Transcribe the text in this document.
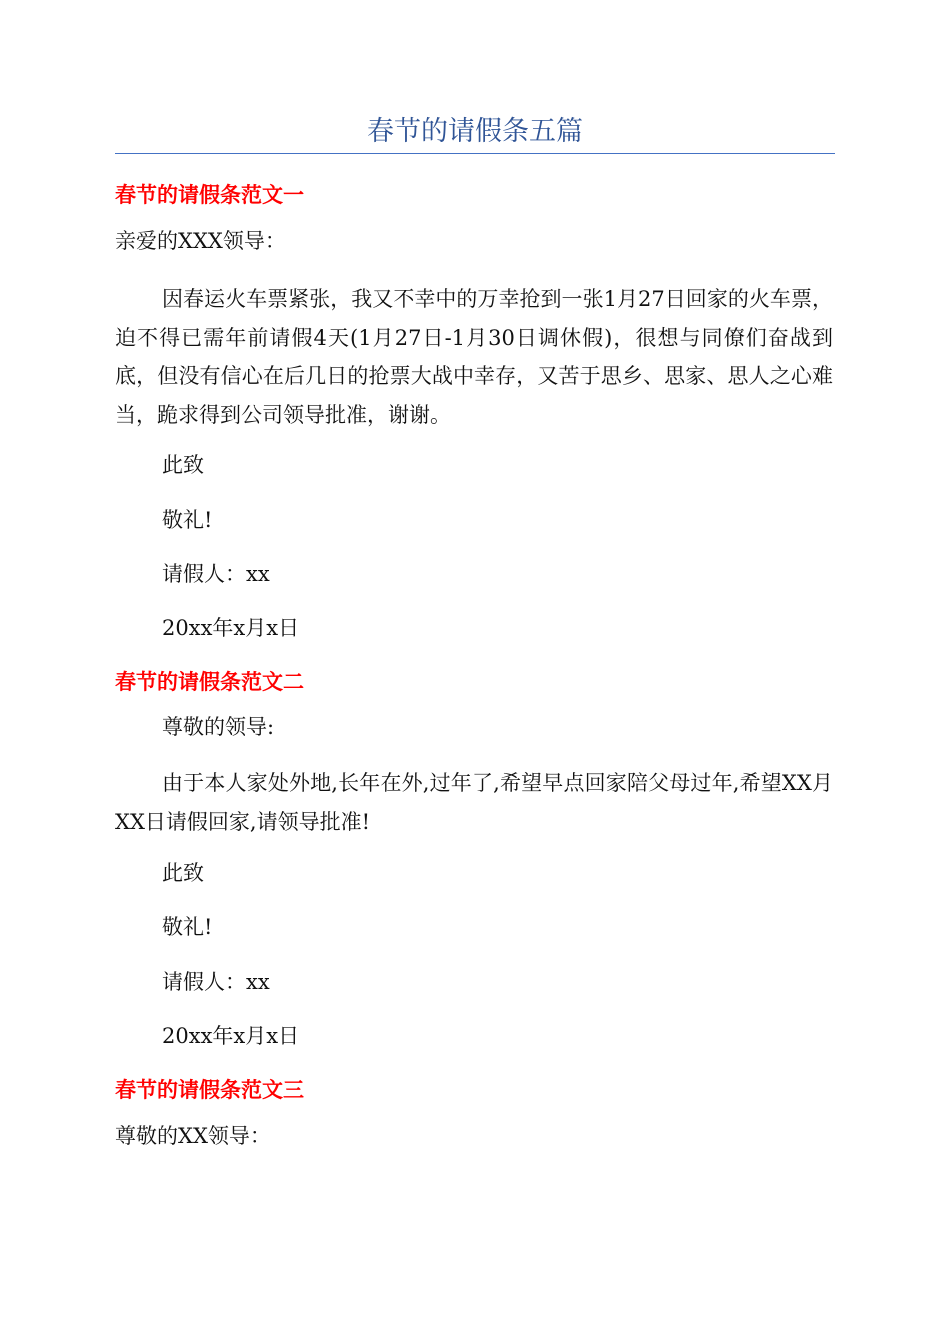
春节的请假条五篇

春节的请假条范文一

亲爱的XXX领导：

因春运火车票紧张，我又不幸中的万幸抢到一张1月27日回家的火车票，迫不得已需年前请假4天(1月27日-1月30日调休假)，很想与同僚们奋战到底，但没有信心在后几日的抢票大战中幸存，又苦于思乡、思家、思人之心难当，跪求得到公司领导批准，谢谢。

此致

敬礼!

请假人：xx

20xx年x月x日

春节的请假条范文二

尊敬的领导:

由于本人家处外地,长年在外,过年了,希望早点回家陪父母过年,希望XX月XX日请假回家,请领导批准!

此致

敬礼!

请假人：xx

20xx年x月x日

春节的请假条范文三

尊敬的XX领导：
